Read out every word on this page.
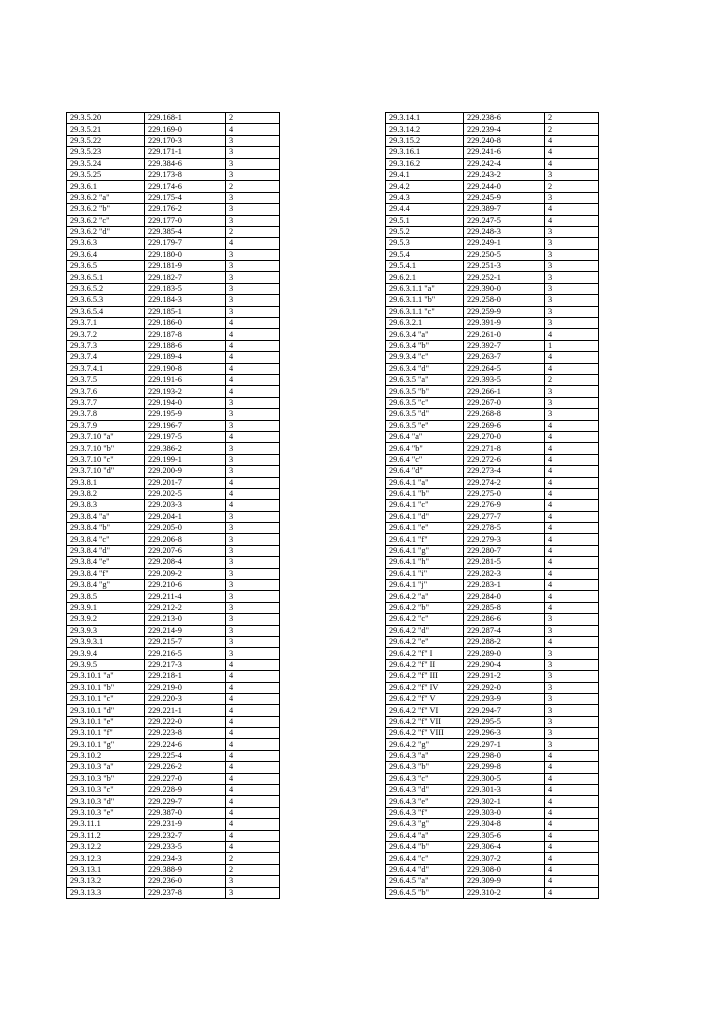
29.3.5.20	229.168-1	2
29.3.5.21	229.169-0	4
29.3.5.22	229.170-3	3
29.3.5.23	229.171-1	3
29.3.5.24	229.384-6	3
29.3.5.25	229.173-8	3
29.3.6.1	229.174-6	2
29.3.6.2 "a"	229.175-4	3
29.3.6.2 "b"	229.176-2	3
29.3.6.2 "c"	229.177-0	3
29.3.6.2 "d"	229.385-4	2
29.3.6.3	229.179-7	4
29.3.6.4	229.180-0	3
29.3.6.5	229.181-9	3
29.3.6.5.1	229.182-7	3
29.3.6.5.2	229.183-5	3
29.3.6.5.3	229.184-3	3
29.3.6.5.4	229.185-1	3
29.3.7.1	229.186-0	4
29.3.7.2	229.187-8	4
29.3.7.3	229.188-6	4
29.3.7.4	229.189-4	4
29.3.7.4.1	229.190-8	4
29.3.7.5	229.191-6	4
29.3.7.6	229.193-2	4
29.3.7.7	229.194-0	3
29.3.7.8	229.195-9	3
29.3.7.9	229.196-7	3
29.3.7.10 "a"	229.197-5	4
29.3.7.10 "b"	229.386-2	3
29.3.7.10 "c"	229.199-1	3
29.3.7.10 "d"	229.200-9	3
29.3.8.1	229.201-7	4
29.3.8.2	229.202-5	4
29.3.8.3	229.203-3	4
29.3.8.4 "a"	229.204-1	3
29.3.8.4 "b"	229.205-0	3
29.3.8.4 "c"	229.206-8	3
29.3.8.4 "d"	229.207-6	3
29.3.8.4 "e"	229.208-4	3
29.3.8.4 "f"	229.209-2	3
29.3.8.4 "g"	229.210-6	3
29.3.8.5	229.211-4	3
29.3.9.1	229.212-2	3
29.3.9.2	229.213-0	3
29.3.9.3	229.214-9	3
29.3.9.3.1	229.215-7	3
29.3.9.4	229.216-5	3
29.3.9.5	229.217-3	4
29.3.10.1 "a"	229.218-1	4
29.3.10.1 "b"	229.219-0	4
29.3.10.1 "c"	229.220-3	4
29.3.10.1 "d"	229.221-1	4
29.3.10.1 "e"	229.222-0	4
29.3.10.1 "f"	229.223-8	4
29.3.10.1 "g"	229.224-6	4
29.3.10.2	229.225-4	4
29.3.10.3 "a"	229.226-2	4
29.3.10.3 "b"	229.227-0	4
29.3.10.3 "c"	229.228-9	4
29.3.10.3 "d"	229.229-7	4
29.3.10.3 "e"	229.387-0	4
29.3.11.1	229.231-9	4
29.3.11.2	229.232-7	4
29.3.12.2	229.233-5	4
29.3.12.3	229.234-3	2
29.3.13.1	229.388-9	2
29.3.13.2	229.236-0	3
29.3.13.3	229.237-8	3
29.3.14.1	229.238-6	2
29.3.14.2	229.239-4	2
29.3.15.2	229.240-8	4
29.3.16.1	229.241-6	4
29.3.16.2	229.242-4	4
29.4.1	229.243-2	3
29.4.2	229.244-0	2
29.4.3	229.245-9	3
29.4.4	229.389-7	4
29.5.1	229.247-5	4
29.5.2	229.248-3	3
29.5.3	229.249-1	3
29.5.4	229.250-5	3
29.5.4.1	229.251-3	3
29.6.2.1	229.252-1	3
29.6.3.1.1 "a"	229.390-0	3
29.6.3.1.1 "b"	229.258-0	3
29.6.3.1.1 "c"	229.259-9	3
29.6.3.2.1	229.391-9	3
29.6.3.4 "a"	229.261-0	4
29.6.3.4 "b"	229.392-7	1
29.9.3.4 "c"	229.263-7	4
29.6.3.4 "d"	229.264-5	4
29.6.3.5 "a"	229.393-5	2
29.6.3.5 "b"	229.266-1	3
29.6.3.5 "c"	229.267-0	3
29.6.3.5 "d"	229.268-8	3
29.6.3.5 "e"	229.269-6	4
29.6.4 "a"	229.270-0	4
29.6.4 "b"	229.271-8	4
29.6.4 "c"	229.272-6	4
29.6.4 "d"	229.273-4	4
29.6.4.1 "a"	229.274-2	4
29.6.4.1 "b"	229.275-0	4
29.6.4.1 "c"	229.276-9	4
29.6.4.1 "d"	229.277-7	4
29.6.4.1 "e"	229.278-5	4
29.6.4.1 "f"	229.279-3	4
29.6.4.1 "g"	229.280-7	4
29.6.4.1 "h"	229.281-5	4
29.6.4.1 "i"	229.282-3	4
29.6.4.1 "j"	229.283-1	4
29.6.4.2 "a"	229.284-0	4
29.6.4.2 "b"	229.285-8	4
29.6.4.2 "c"	229.286-6	3
29.6.4.2 "d"	229.287-4	3
29.6.4.2 "e"	229.288-2	4
29.6.4.2 "f" I	229.289-0	3
29.6.4.2 "f" II	229.290-4	3
29.6.4.2 "f" III	229.291-2	3
29.6.4.2 "f" IV	229.292-0	3
29.6.4.2 "f" V	229.293-9	3
29.6.4.2 "f" VI	229.294-7	3
29.6.4.2 "f" VII	229.295-5	3
29.6.4.2 "f" VIII	229.296-3	3
29.6.4.2 "g"	229.297-1	3
29.6.4.3 "a"	229.298-0	4
29.6.4.3 "b"	229.299-8	4
29.6.4.3 "c"	229.300-5	4
29.6.4.3 "d"	229.301-3	4
29.6.4.3 "e"	229.302-1	4
29.6.4.3 "f"	229.303-0	4
29.6.4.3 "g"	229.304-8	4
29.6.4.4 "a"	229.305-6	4
29.6.4.4 "b"	229.306-4	4
29.6.4.4 "c"	229.307-2	4
29.6.4.4 "d"	229.308-0	4
29.6.4.5 "a"	229.309-9	4
29.6.4.5 "b"	229.310-2	4
